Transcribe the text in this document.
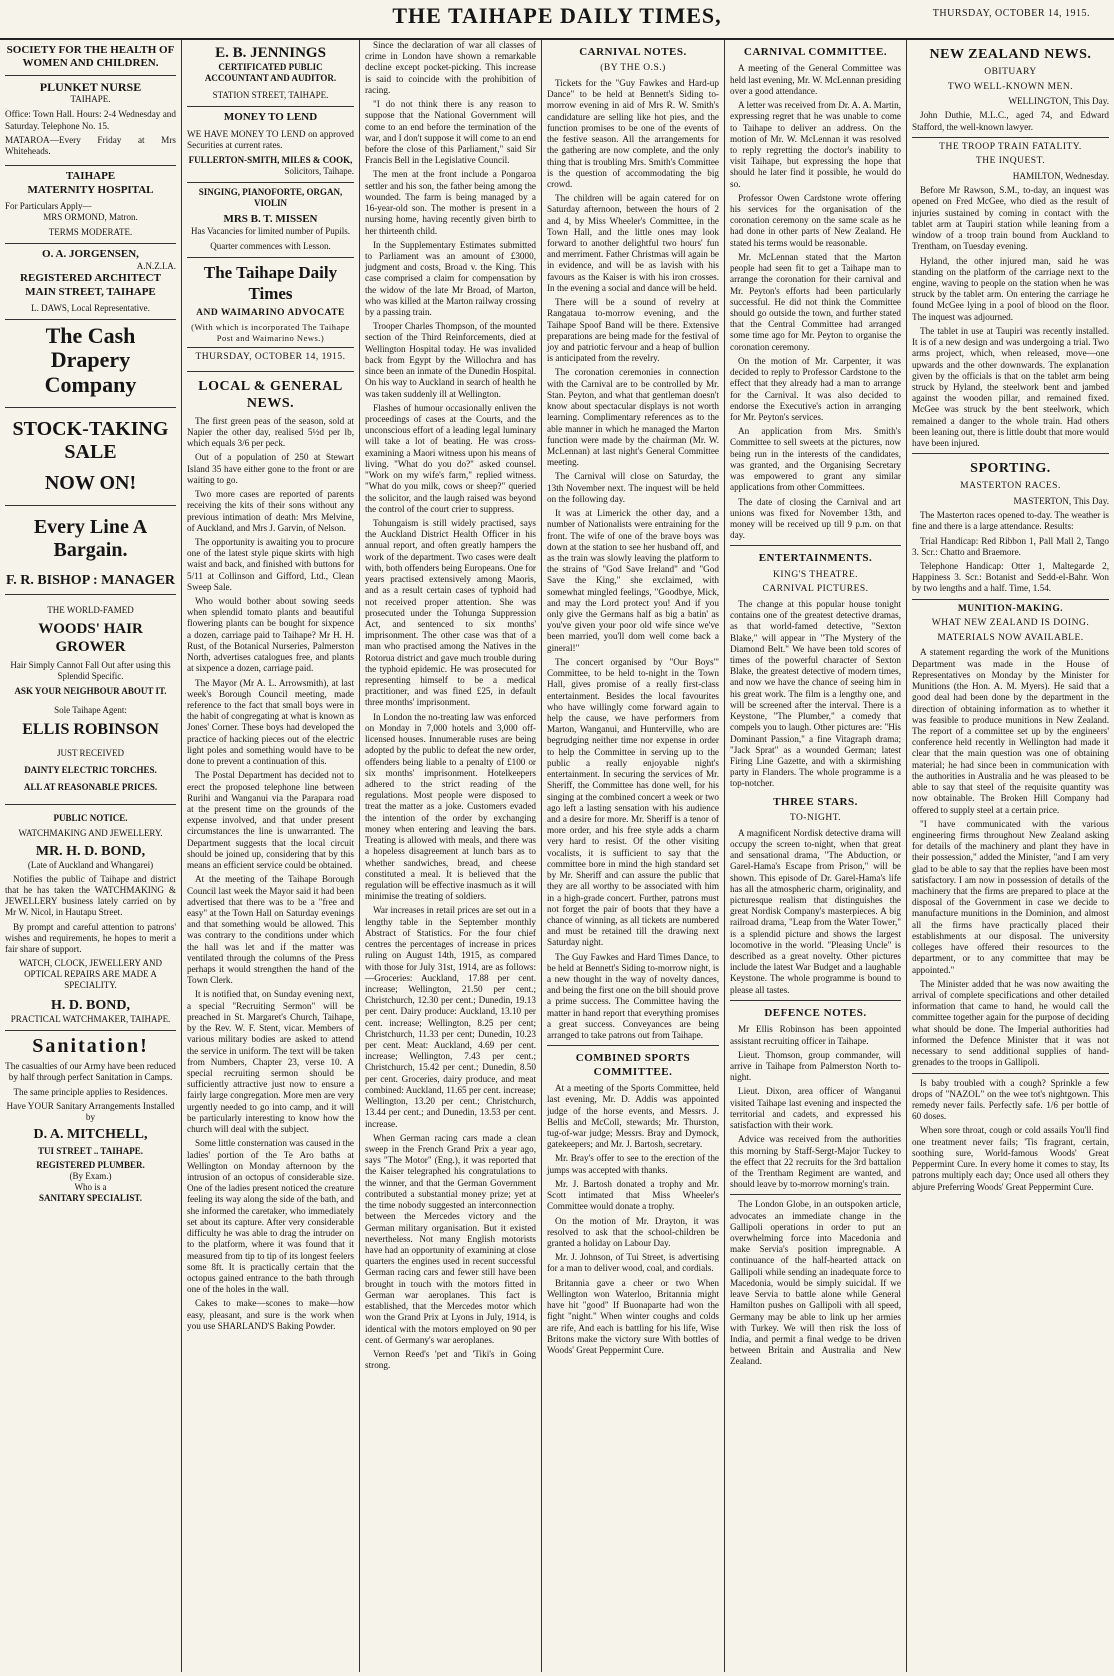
THE TAIHAPE DAILY TIMES,	THURSDAY, OCTOBER 14, 1915.
SOCIETY FOR THE HEALTH OF WOMEN AND CHILDREN.
PLUNKET NURSE
TAIHAPE.

Office: Town Hall. Hours: 2-4 Wednesday and Saturday. Telephone No. 15.

MATAROA—Every Friday at Mrs Whiteheads.

TAIHAPE
MATERNITY HOSPITAL
For Particulars Apply—
MRS ORMOND, Matron.
TERMS MODERATE.
O. A. JORGENSEN,
A.N.Z.I.A.
REGISTERED ARCHITECT
MAIN STREET, TAIHAPE
L. DAWS, Local Representative.
The Cash Drapery
Company
STOCK-TAKING
SALE
NOW ON!
Every Line A Bargain.
F. R. BISHOP : MANAGER
THE WORLD-FAMED
WOODS' HAIR GROWER
Hair Simply Cannot Fall Out after using this Splendid Specific.
ASK YOUR NEIGHBOUR ABOUT IT.
Sole Taihape Agent:
ELLIS ROBINSON
JUST RECEIVED
DAINTY ELECTRIC TORCHES.
ALL AT REASONABLE PRICES.
PUBLIC NOTICE.
WATCHMAKING AND JEWELLERY.
MR. H. D. BOND,
(Late of Auckland and Whangarei)

Notifies the public of Taihape and district that he has taken the WATCHMAKING & JEWELLERY business lately carried on by Mr W. Nicol, in Hautapu Street.

By prompt and careful attention to patrons' wishes and requirements, he hopes to merit a fair share of support.

WATCH, CLOCK, JEWELLERY AND OPTICAL REPAIRS ARE MADE A SPECIALITY.
H. D. BOND,
PRACTICAL WATCHMAKER, TAIHAPE.
Sanitation!

The casualties of our Army have been reduced by half through perfect Sanitation in Camps.

The same principle applies to Residences.

Have YOUR Sanitary Arrangements Installed by

D. A. MITCHELL,
TUI STREET .. TAIHAPE.
REGISTERED PLUMBER.
(By Exam.)
Who is a
SANITARY SPECIALIST.
E. B. JENNINGS
CERTIFICATED PUBLIC ACCOUNTANT AND AUDITOR.
STATION STREET, TAIHAPE.
MONEY TO LEND

WE HAVE MONEY TO LEND on approved Securities at current rates.

FULLERTON-SMITH, MILES & COOK,
Solicitors, Taihape.
SINGING, PIANOFORTE, ORGAN, VIOLIN
MRS B. T. MISSEN
Has Vacancies for limited number of Pupils.
Quarter commences with Lesson.
The Taihape Daily Times
AND WAIMARINO ADVOCATE
(With which is incorporated The Taihape Post and Waimarino News.)
THURSDAY, OCTOBER 14, 1915.
LOCAL & GENERAL NEWS.

The first green peas of the season, sold at Napier the other day, realised 5½d per lb, which equals 3/6 per peck.

Out of a population of 250 at Stewart Island 35 have either gone to the front or are waiting to go.

Two more cases are reported of parents receiving the kits of their sons without any previous intimation of death: Mrs Melvine, of Auckland, and Mrs J. Garvin, of Nelson.

The opportunity is awaiting you to procure one of the latest style pique skirts with high waist and back, and finished with buttons for 5/11 at Collinson and Gifford, Ltd., Clean Sweep Sale.

Who would bother about sowing seeds when splendid tomato plants and beautiful flowering plants can be bought for sixpence a dozen, carriage paid to Taihape? Mr H. H. Rust, of the Botanical Nurseries, Palmerston North, advertises catalogues free, and plants at sixpence a dozen, carriage paid.

The Mayor (Mr A. L. Arrowsmith), at last week's Borough Council meeting, made reference to the fact that small boys were in the habit of congregating at what is known as Jones' Corner. These boys had developed the practice of hacking pieces out of the electric light poles and something would have to be done to prevent a continuation of this.

The Postal Department has decided not to erect the proposed telephone line between Rurihi and Wanganui via the Parapara road at the present time on the grounds of the expense involved, and that under present circumstances the line is unwarranted. The Department suggests that the local circuit should be joined up, considering that by this means an efficient service could be obtained.

At the meeting of the Taihape Borough Council last week the Mayor said it had been advertised that there was to be a "free and easy" at the Town Hall on Saturday evenings and that something would be allowed. This was contrary to the conditions under which the hall was let and if the matter was ventilated through the columns of the Press perhaps it would strengthen the hand of the Town Clerk.

It is notified that, on Sunday evening next, a special "Recruiting Sermon" will be preached in St. Margaret's Church, Taihape, by the Rev. W. F. Stent, vicar. Members of various military bodies are asked to attend the service in uniform. The text will be taken from Numbers, Chapter 23, verse 10. A special recruiting sermon should be sufficiently attractive just now to ensure a fairly large congregation. More men are very urgently needed to go into camp, and it will be particularly interesting to know how the church will deal with the subject.

Some little consternation was caused in the ladies' portion of the Te Aro baths at Wellington on Monday afternoon by the intrusion of an octopus of considerable size. One of the ladies present noticed the creature feeling its way along the side of the bath, and she informed the caretaker, who immediately set about its capture. After very considerable difficulty he was able to drag the intruder on to the platform, where it was found that it measured from tip to tip of its longest feelers some 8ft. It is practically certain that the octopus gained entrance to the bath through one of the holes in the wall.

Cakes to make—scones to make—how easy, pleasant, and sure is the work when you use SHARLAND'S Baking Powder.

Since the declaration of war all classes of crime in London have shown a remarkable decline except pocket-picking. This increase is said to coincide with the prohibition of racing.

"I do not think there is any reason to suppose that the National Government will come to an end before the termination of the war, and I don't suppose it will come to an end before the close of this Parliament," said Sir Francis Bell in the Legislative Council.

The men at the front include a Pongaroa settler and his son, the father being among the wounded. The farm is being managed by a 16-year-old son. The mother is present in a nursing home, having recently given birth to her thirteenth child.

In the Supplementary Estimates submitted to Parliament was an amount of £3000, judgment and costs, Broad v. the King. This case comprised a claim for compensation by the widow of the late Mr Broad, of Marton, who was killed at the Marton railway crossing by a passing train.

Trooper Charles Thompson, of the mounted section of the Third Reinforcements, died at Wellington Hospital today. He was invalided back from Egypt by the Willochra and has since been an inmate of the Dunedin Hospital. On his way to Auckland in search of health he was taken suddenly ill at Wellington.

Flashes of humour occasionally enliven the proceedings of cases at the Courts, and the unconscious effort of a leading legal luminary will take a lot of beating. He was cross-examining a Maori witness upon his means of living. "What do you do?" asked counsel. "Work on my wife's farm," replied witness. "What do you milk, cows or sheep?" queried the solicitor, and the laugh raised was beyond the control of the court crier to suppress.

Tohungaism is still widely practised, says the Auckland District Health Officer in his annual report, and often greatly hampers the work of the department. Two cases were dealt with, both offenders being Europeans. One for years practised extensively among Maoris, and as a result certain cases of typhoid had not received proper attention. She was prosecuted under the Tohunga Suppression Act, and sentenced to six months' imprisonment. The other case was that of a man who practised among the Natives in the Rotorua district and gave much trouble during the typhoid epidemic. He was prosecuted for representing himself to be a medical practitioner, and was fined £25, in default three months' imprisonment.

In London the no-treating law was enforced on Monday in 7,000 hotels and 3,000 off-licensed houses. Innumerable ruses are being adopted by the public to defeat the new order, offenders being liable to a penalty of £100 or six months' imprisonment. Hotelkeepers adhered to the strict reading of the regulations. Most people were disposed to treat the matter as a joke. Customers evaded the intention of the order by exchanging money when entering and leaving the bars. Treating is allowed with meals, and there was a hopeless disagreement at lunch bars as to whether sandwiches, bread, and cheese constituted a meal. It is believed that the regulation will be effective inasmuch as it will minimise the treating of soldiers.

War increases in retail prices are set out in a lengthy table in the September monthly Abstract of Statistics. For the four chief centres the percentages of increase in prices ruling on August 14th, 1915, as compared with those for July 31st, 1914, are as follows:—Groceries: Auckland, 17.88 per cent. increase; Wellington, 21.50 per cent.; Christchurch, 12.30 per cent.; Dunedin, 19.13 per cent. Dairy produce: Auckland, 13.10 per cent. increase; Wellington, 8.25 per cent; Christchurch, 11.33 per cent; Dunedin, 10.23 per cent. Meat: Auckland, 4.69 per cent. increase; Wellington, 7.43 per cent.; Christchurch, 15.42 per cent.; Dunedin, 8.50 per cent. Groceries, dairy produce, and meat combined: Auckland, 11.65 per cent. increase; Wellington, 13.20 per cent.; Christchurch, 13.44 per cent.; and Dunedin, 13.53 per cent. increase.

When German racing cars made a clean sweep in the French Grand Prix a year ago, says "The Motor" (Eng.), it was reported that the Kaiser telegraphed his congratulations to the winner, and that the German Government contributed a substantial money prize; yet at the time nobody suggested an interconnection between the Mercedes victory and the German military organisation. But it existed nevertheless. Not many English motorists have had an opportunity of examining at close quarters the engines used in recent successful German racing cars and fewer still have been brought in touch with the motors fitted in German war aeroplanes. This fact is established, that the Mercedes motor which won the Grand Prix at Lyons in July, 1914, is identical with the motors employed on 90 per cent. of Germany's war aeroplanes.

Vernon Reed's 'pet and 'Tiki's in Going strong.

CARNIVAL NOTES.
(BY THE O.S.)

Tickets for the "Guy Fawkes and Hard-up Dance" to be held at Bennett's Siding to-morrow evening in aid of Mrs R. W. Smith's candidature are selling like hot pies, and the function promises to be one of the events of the festive season. All the arrangements for the gathering are now complete, and the only thing that is troubling Mrs. Smith's Committee is the question of accommodating the big crowd.

The children will be again catered for on Saturday afternoon, between the hours of 2 and 4, by Miss Wheeler's Committee, in the Town Hall, and the little ones may look forward to another delightful two hours' fun and merriment. Father Christmas will again be in evidence, and will be as lavish with his favours as the Kaiser is with his iron crosses. In the evening a social and dance will be held.

There will be a sound of revelry at Rangataua to-morrow evening, and the Taihape Spoof Band will be there. Extensive preparations are being made for the festival of joy and patriotic fervour and a heap of bullion is anticipated from the revelry.

The coronation ceremonies in connection with the Carnival are to be controlled by Mr. Stan. Peyton, and what that gentleman doesn't know about spectacular displays is not worth learning. Complimentary references as to the able manner in which he managed the Marton function were made by the chairman (Mr. W. McLennan) at last night's General Committee meeting.

The Carnival will close on Saturday, the 13th November next. The inquest will be held on the following day.

It was at Limerick the other day, and a number of Nationalists were entraining for the front. The wife of one of the brave boys was down at the station to see her husband off, and as the train was slowly leaving the platform to the strains of "God Save Ireland" and "God Save the King," she exclaimed, with somewhat mingled feelings, "Goodbye, Mick, and may the Lord protect you! And if you only give the Germans half as big a batin' as you've given your poor old wife since we've been married, you'll dom well come back a gineral!"

The concert organised by "Our Boys'" Committee, to be held to-night in the Town Hall, gives promise of a really first-class entertainment. Besides the local favourites who have willingly come forward again to help the cause, we have performers from Marton, Wanganui, and Hunterville, who are begrudging neither time nor expense in order to help the Committee in serving up to the public a really enjoyable night's entertainment. In securing the services of Mr. Sheriff, the Committee has done well, for his singing at the combined concert a week or two ago left a lasting sensation with his audience and a desire for more. Mr. Sheriff is a tenor of more order, and his free style adds a charm very hard to resist. Of the other visiting vocalists, it is sufficient to say that the committee bore in mind the high standard set by Mr. Sheriff and can assure the public that they are all worthy to be associated with him in a high-grade concert. Further, patrons must not forget the pair of boots that they have a chance of winning, as all tickets are numbered and must be retained till the drawing next Saturday night.

The Guy Fawkes and Hard Times Dance, to be held at Bennett's Siding to-morrow night, is a new thought in the way of novelty dances, and being the first one on the bill should prove a prime success. The Committee having the matter in hand report that everything promises a great success. Conveyances are being arranged to take patrons out from Taihape.

COMBINED SPORTS COMMITTEE.

At a meeting of the Sports Committee, held last evening, Mr. D. Addis was appointed judge of the horse events, and Messrs. J. Bellis and McColl, stewards; Mr. Thurston, tug-of-war judge; Messrs. Bray and Dymock, gatekeepers; and Mr. J. Bartosh, secretary.

Mr. Bray's offer to see to the erection of the jumps was accepted with thanks.

Mr. J. Bartosh donated a trophy and Mr. Scott intimated that Miss Wheeler's Committee would donate a trophy.

On the motion of Mr. Drayton, it was resolved to ask that the school-children be granted a holiday on Labour Day.

Mr. J. Johnson, of Tui Street, is advertising for a man to deliver wood, coal, and cordials.

Britannia gave a cheer or two When Wellington won Waterloo, Britannia might have hit "good" If Buonaparte had won the fight "night." When winter coughs and colds are rife, And each is battling for his life, Wise Britons make the victory sure With bottles of Woods' Great Peppermint Cure.

CARNIVAL COMMITTEE.

A meeting of the General Committee was held last evening, Mr. W. McLennan presiding over a good attendance.

A letter was received from Dr. A. A. Martin, expressing regret that he was unable to come to Taihape to deliver an address. On the motion of Mr. W. McLennan it was resolved to reply regretting the doctor's inability to visit Taihape, but expressing the hope that should he later find it possible, he would do so.

Professor Owen Cardstone wrote offering his services for the organisation of the coronation ceremony on the same scale as he had done in other parts of New Zealand. He stated his terms would be reasonable.

Mr. McLennan stated that the Marton people had seen fit to get a Taihape man to arrange the coronation for their carnival and Mr. Peyton's efforts had been particularly successful. He did not think the Committee should go outside the town, and further stated that the Central Committee had arranged some time ago for Mr. Peyton to organise the coronation ceremony.

On the motion of Mr. Carpenter, it was decided to reply to Professor Cardstone to the effect that they already had a man to arrange for the Carnival. It was also decided to endorse the Executive's action in arranging for Mr. Peyton's services.

An application from Mrs. Smith's Committee to sell sweets at the pictures, now being run in the interests of the candidates, was granted, and the Organising Secretary was empowered to grant any similar applications from other Committees.

The date of closing the Carnival and art unions was fixed for November 13th, and money will be received up till 9 p.m. on that day.

ENTERTAINMENTS.
KING'S THEATRE.
CARNIVAL PICTURES.

The change at this popular house tonight contains one of the greatest detective dramas, as that world-famed detective, "Sexton Blake," will appear in "The Mystery of the Diamond Belt." We have been told scores of times of the powerful character of Sexton Blake, the greatest detective of modern times, and now we have the chance of seeing him in his great work. The film is a lengthy one, and will be screened after the interval. There is a Keystone, "The Plumber," a comedy that compels you to laugh. Other pictures are: "His Dominant Passion," a fine Vitagraph drama; "Jack Sprat" as a wounded German; latest Firing Line Gazette, and with a skirmishing party in Flanders. The whole programme is a top-notcher.

THREE STARS.
TO-NIGHT.

A magnificent Nordisk detective drama will occupy the screen to-night, when that great and sensational drama, "The Abduction, or Garel-Hama's Escape from Prison," will be shown. This episode of Dr. Garel-Hama's life has all the atmospheric charm, originality, and picturesque realism that distinguishes the great Nordisk Company's masterpieces. A big railroad drama, "Leap from the Water Tower," is a splendid picture and shows the largest locomotive in the world. "Pleasing Uncle" is described as a great novelty. Other pictures include the latest War Budget and a laughable Keystone. The whole programme is bound to please all tastes.

DEFENCE NOTES.

Mr Ellis Robinson has been appointed assistant recruiting officer in Taihape.

Lieut. Thomson, group commander, will arrive in Taihape from Palmerston North to-night.

Lieut. Dixon, area officer of Wanganui visited Taihape last evening and inspected the territorial and cadets, and expressed his satisfaction with their work.

Advice was received from the authorities this morning by Staff-Sergt-Major Tuckey to the effect that 22 recruits for the 3rd battalion of the Trentham Regiment are wanted, and should leave by to-morrow morning's train.

The London Globe, in an outspoken article, advocates an immediate change in the Gallipoli operations in order to put an overwhelming force into Macedonia and make Servia's position impregnable. A continuance of the half-hearted attack on Gallipoli while sending an inadequate force to Macedonia, would be simply suicidal. If we leave Servia to battle alone while General Hamilton pushes on Gallipoli with all speed, Germany may be able to link up her armies with Turkey. We will then risk the loss of India, and permit a final wedge to be driven between Britain and Australia and New Zealand.

NEW ZEALAND NEWS.
OBITUARY
TWO WELL-KNOWN MEN.

WELLINGTON, This Day.

John Duthie, M.L.C., aged 74, and Edward Stafford, the well-known lawyer.

THE TROOP TRAIN FATALITY.
THE INQUEST.

HAMILTON, Wednesday.

Before Mr Rawson, S.M., to-day, an inquest was opened on Fred McGee, who died as the result of injuries sustained by coming in contact with the tablet arm at Taupiri station while leaning from a window of a troop train bound from Auckland to Trentham, on Tuesday evening.

Hyland, the other injured man, said he was standing on the platform of the carriage next to the engine, waving to people on the station when he was struck by the tablet arm. On entering the carriage he found McGee lying in a pool of blood on the floor. The inquest was adjourned.

The tablet in use at Taupiri was recently installed. It is of a new design and was undergoing a trial. Two arms project, which, when released, move—one upwards and the other downwards. The explanation given by the officials is that on the tablet arm being struck by Hyland, the steelwork bent and jambed against the wooden pillar, and remained fixed. McGee was struck by the bent steelwork, which remained a danger to the whole train. Had others been leaning out, there is little doubt that more would have been injured.

SPORTING.
MASTERTON RACES.

MASTERTON, This Day.

The Masterton races opened to-day. The weather is fine and there is a large attendance. Results:

Trial Handicap: Red Ribbon 1, Pall Mall 2, Tango 3. Scr.: Chatto and Braemore.

Telephone Handicap: Otter 1, Maltegarde 2, Happiness 3. Scr.: Botanist and Sedd-el-Bahr. Won by two lengths and a half. Time, 1.54.

MUNITION-MAKING.
WHAT NEW ZEALAND IS DOING.
MATERIALS NOW AVAILABLE.

A statement regarding the work of the Munitions Department was made in the House of Representatives on Monday by the Minister for Munitions (the Hon. A. M. Myers). He said that a good deal had been done by the department in the direction of obtaining information as to whether it was feasible to produce munitions in New Zealand. The report of a committee set up by the engineers' conference held recently in Wellington had made it clear that the main question was one of obtaining material; he had since been in communication with the authorities in Australia and he was pleased to be able to say that steel of the requisite quantity was now obtainable. The Broken Hill Company had offered to supply steel at a certain price.

"I have communicated with the various engineering firms throughout New Zealand asking for details of the machinery and plant they have in their possession," added the Minister, "and I am very glad to be able to say that the replies have been most satisfactory. I am now in possession of details of the machinery that the firms are prepared to place at the disposal of the Government in case we decide to manufacture munitions in the Dominion, and almost all the firms have practically placed their establishments at our disposal. The university colleges have offered their resources to the department, or to any committee that may be appointed."

The Minister added that he was now awaiting the arrival of complete specifications and other detailed information that came to hand, he would call the committee together again for the purpose of deciding what should be done. The Imperial authorities had informed the Defence Minister that it was not necessary to send additional supplies of hand-grenades to the troops in Gallipoli.

Is baby troubled with a cough? Sprinkle a few drops of "NAZOL" on the wee tot's nightgown. This remedy never fails. Perfectly safe. 1/6 per bottle of 60 doses.

When sore throat, cough or cold assails You'll find one treatment never fails; 'Tis fragrant, certain, soothing sure, World-famous Woods' Great Peppermint Cure. In every home it comes to stay, Its patrons multiply each day; Once used all others they abjure Preferring Woods' Great Peppermint Cure.
